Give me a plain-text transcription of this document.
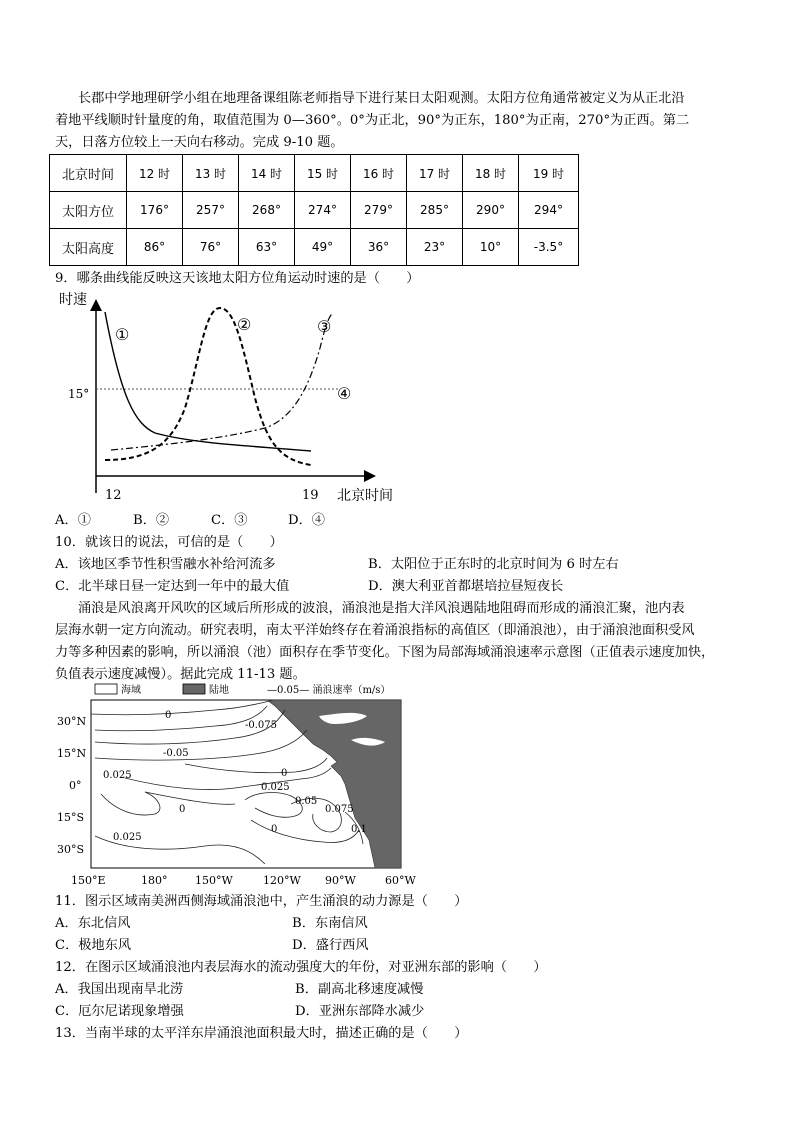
长郡中学地理研学小组在地理备课组陈老师指导下进行某日太阳观测。太阳方位角通常被定义为从正北沿
着地平线顺时针量度的角，取值范围为 0—360°。0°为正北，90°为正东，180°为正南，270°为正西。第二
天，日落方位较上一天向右移动。完成 9-10 题。
北京时间	12 时	13 时	14 时	15 时	16 时	17 时	18 时	19 时
太阳方位	176°	257°	268°	274°	279°	285°	290°	294°
太阳高度	86°	76°	63°	49°	36°	23°	10°	-3.5°
9．哪条曲线能反映这天该地太阳方位角运动时速的是（　　）
时速
15°
①
②	③
④
12	19 北京时间
A．①	B．②	C．③	D．④
10．就该日的说法，可信的是（　　）
A．该地区季节性积雪融水补给河流多	B．太阳位于正东时的北京时间为 6 时左右
C．北半球日昼一定达到一年中的最大值	D．澳大利亚首都堪培拉昼短夜长
涌浪是风浪离开风吹的区域后所形成的波浪，涌浪池是指大洋风浪遇陆地阻碍而形成的涌浪汇聚，池内表
层海水朝一定方向流动。研究表明，南太平洋始终存在着涌浪指标的高值区（即涌浪池），由于涌浪池面积受风
力等多种因素的影响，所以涌浪（池）面积存在季节变化。下图为局部海域涌浪速率示意图（正值表示速度加快，
负值表示速度减慢）。据此完成 11-13 题。
海域	陆地	—0.05— 涌浪速率（m/s）
0
-0.075
-0.05
0.025	0
0.025
0
0.05
0.075
0.025
0	0.1
30°N
15°N
0°
15°S
30°S
150°E	180°	150°W	120°W 90°W	60°W
11．图示区域南美洲西侧海域涌浪池中，产生涌浪的动力源是（　　）
A．东北信风	B．东南信风
C．极地东风	D．盛行西风
12．在图示区域涌浪池内表层海水的流动强度大的年份，对亚洲东部的影响（　　）
A．我国出现南旱北涝	B．副高北移速度减慢
C．厄尔尼诺现象增强	D．亚洲东部降水减少
13．当南半球的太平洋东岸涌浪池面积最大时，描述正确的是（　　）
